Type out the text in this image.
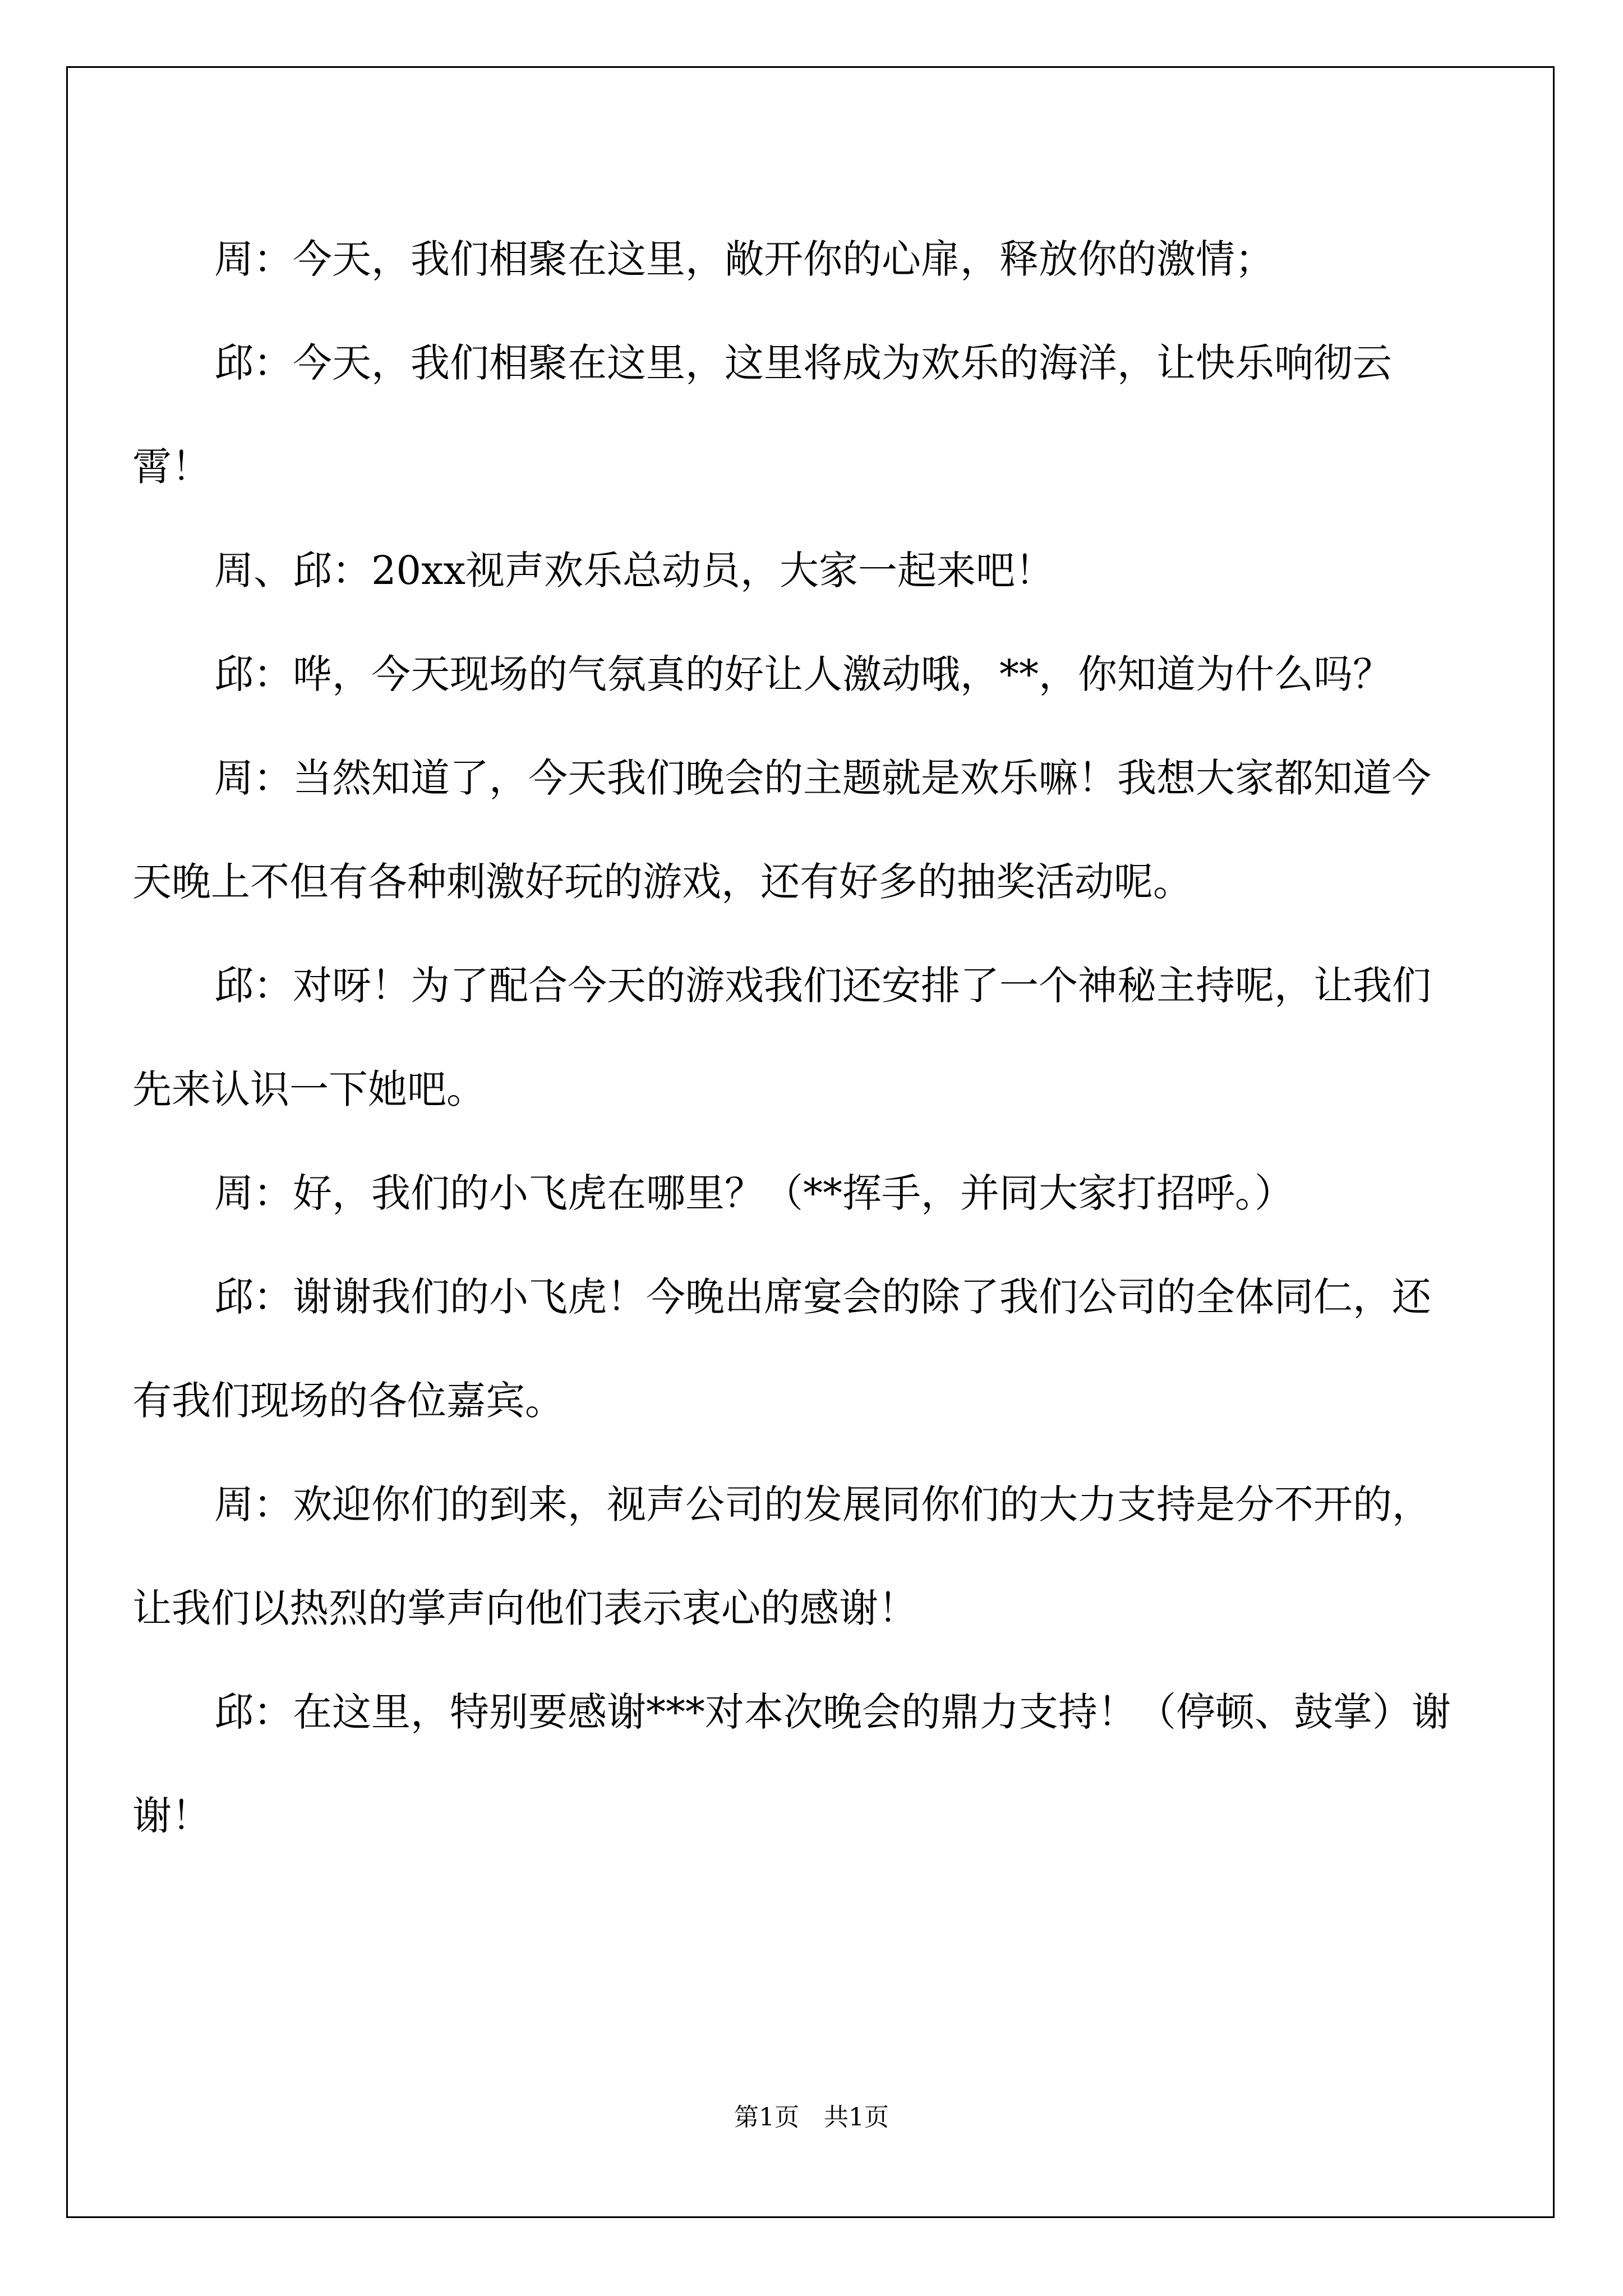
周：今天，我们相聚在这里，敞开你的心扉，释放你的激情；

邱：今天，我们相聚在这里，这里将成为欢乐的海洋，让快乐响彻云霄！

周、邱：20xx视声欢乐总动员，大家一起来吧！

邱：哗，今天现场的气氛真的好让人激动哦，**，你知道为什么吗？

周：当然知道了，今天我们晚会的主题就是欢乐嘛！我想大家都知道今天晚上不但有各种刺激好玩的游戏，还有好多的抽奖活动呢。

邱：对呀！为了配合今天的游戏我们还安排了一个神秘主持呢，让我们先来认识一下她吧。

周：好，我们的小飞虎在哪里？（**挥手，并同大家打招呼。）

邱：谢谢我们的小飞虎！今晚出席宴会的除了我们公司的全体同仁，还有我们现场的各位嘉宾。

周：欢迎你们的到来，视声公司的发展同你们的大力支持是分不开的，让我们以热烈的掌声向他们表示衷心的感谢！

邱：在这里，特别要感谢***对本次晚会的鼎力支持！（停顿、鼓掌）谢谢！

第1页　共1页
